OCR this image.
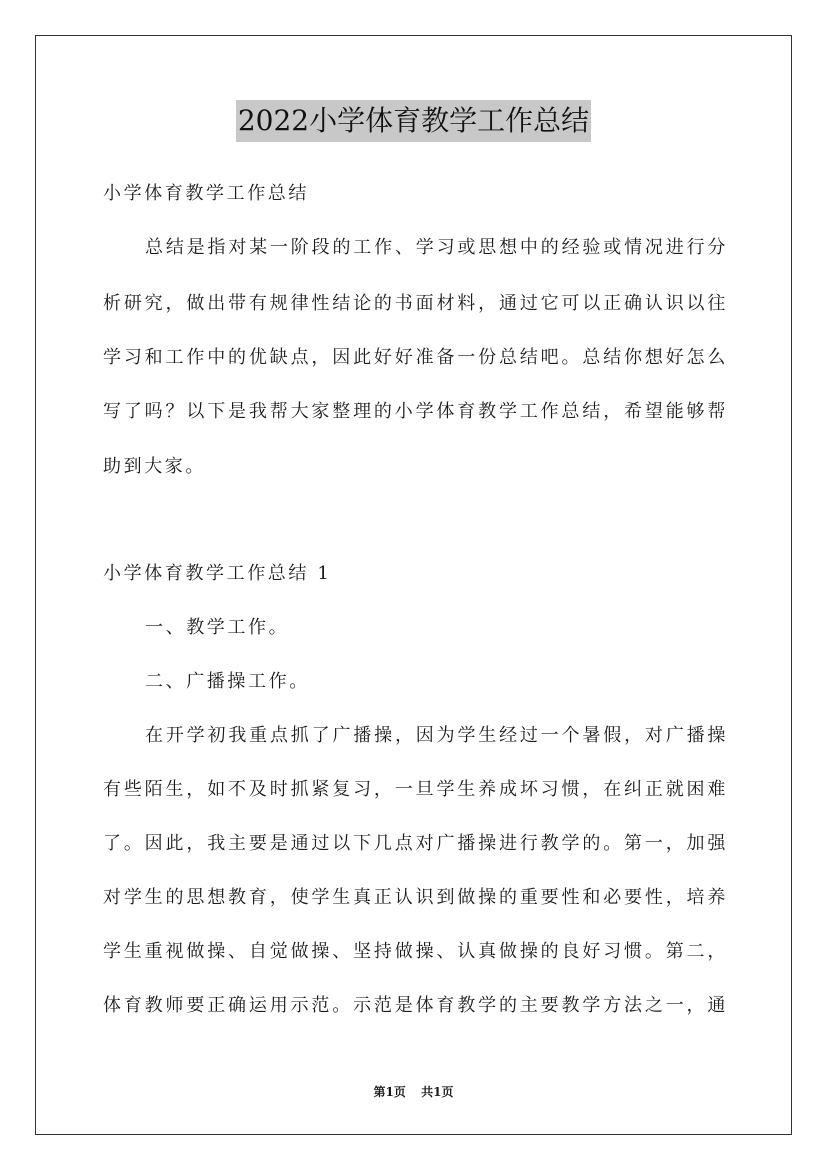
2022小学体育教学工作总结
小学体育教学工作总结
总结是指对某一阶段的工作、学习或思想中的经验或情况进行分
析研究，做出带有规律性结论的书面材料，通过它可以正确认识以往
学习和工作中的优缺点，因此好好准备一份总结吧。总结你想好怎么
写了吗？以下是我帮大家整理的小学体育教学工作总结，希望能够帮
助到大家。
小学体育教学工作总结 1
一、教学工作。
二、广播操工作。
在开学初我重点抓了广播操，因为学生经过一个暑假，对广播操
有些陌生，如不及时抓紧复习，一旦学生养成坏习惯，在纠正就困难
了。因此，我主要是通过以下几点对广播操进行教学的。第一，加强
对学生的思想教育，使学生真正认识到做操的重要性和必要性，培养
学生重视做操、自觉做操、坚持做操、认真做操的良好习惯。第二，
体育教师要正确运用示范。示范是体育教学的主要教学方法之一，通
第1页 共1页
